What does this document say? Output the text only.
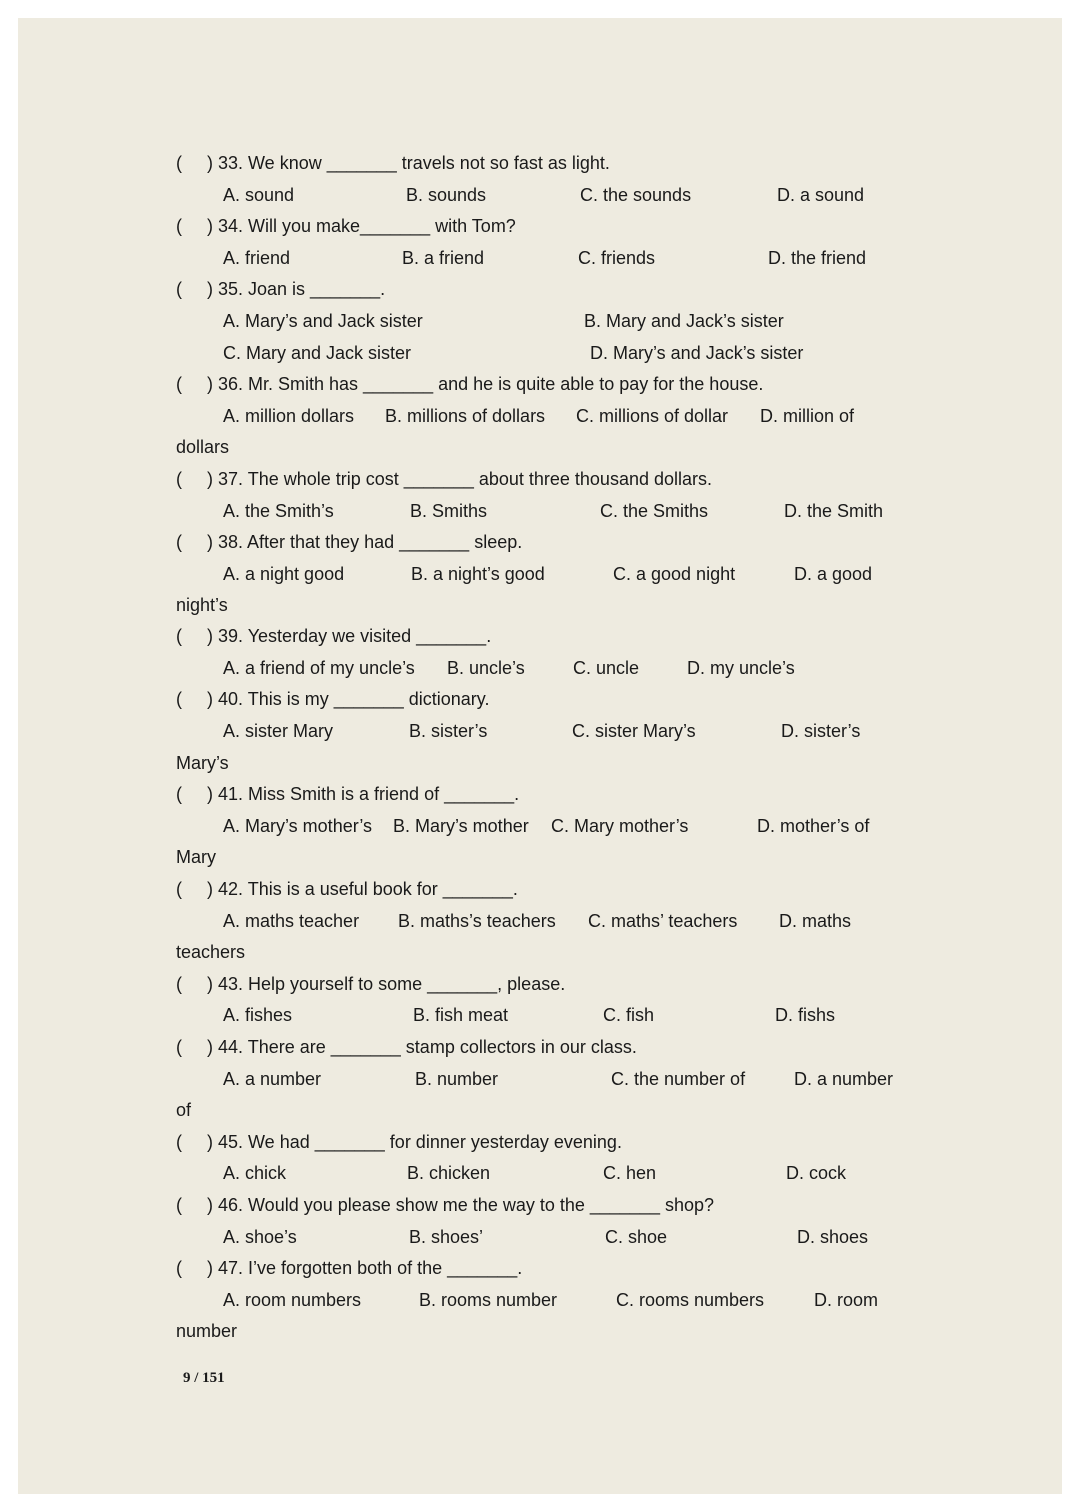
(     ) 33. We know _______ travels not so fast as light.
A. sound	B. sounds	C. the sounds	D. a sound
(     ) 34. Will you make_______ with Tom?
A. friend	B. a friend	C. friends	D. the friend
(     ) 35. Joan is _______.
A. Mary’s and Jack sister	B. Mary and Jack’s sister
C. Mary and Jack sister	D. Mary’s and Jack’s sister
(     ) 36. Mr. Smith has _______ and he is quite able to pay for the house.
A. million dollars B. millions of dollars C. millions of dollar D. million of
dollars
(     ) 37. The whole trip cost _______ about three thousand dollars.
A. the Smith’s	B. Smiths	C. the Smiths	D. the Smith
(     ) 38. After that they had _______ sleep.
A. a night good	B. a night’s good	C. a good night	D. a good
night’s
(     ) 39. Yesterday we visited _______.
A. a friend of my uncle’s B. uncle’s	C. uncle	D. my uncle’s
(     ) 40. This is my _______ dictionary.
A. sister Mary	B. sister’s	C. sister Mary’s	D. sister’s
Mary’s
(     ) 41. Miss Smith is a friend of _______.
A. Mary’s mother’s B. Mary’s mother C. Mary mother’s	D. mother’s of
Mary
(     ) 42. This is a useful book for _______.
A. maths teacher B. maths’s teachers C. maths’ teachers D. maths
teachers
(     ) 43. Help yourself to some _______, please.
A. fishes	B. fish meat	C. fish	D. fishs
(     ) 44. There are _______ stamp collectors in our class.
A. a number	B. number	C. the number of	D. a number
of
(     ) 45. We had _______ for dinner yesterday evening.
A. chick	B. chicken	C. hen	D. cock
(     ) 46. Would you please show me the way to the _______ shop?
A. shoe’s	B. shoes’	C. shoe	D. shoes
(     ) 47. I’ve forgotten both of the _______.
A. room numbers	B. rooms number	C. rooms numbers	D. room
number
9 / 151
